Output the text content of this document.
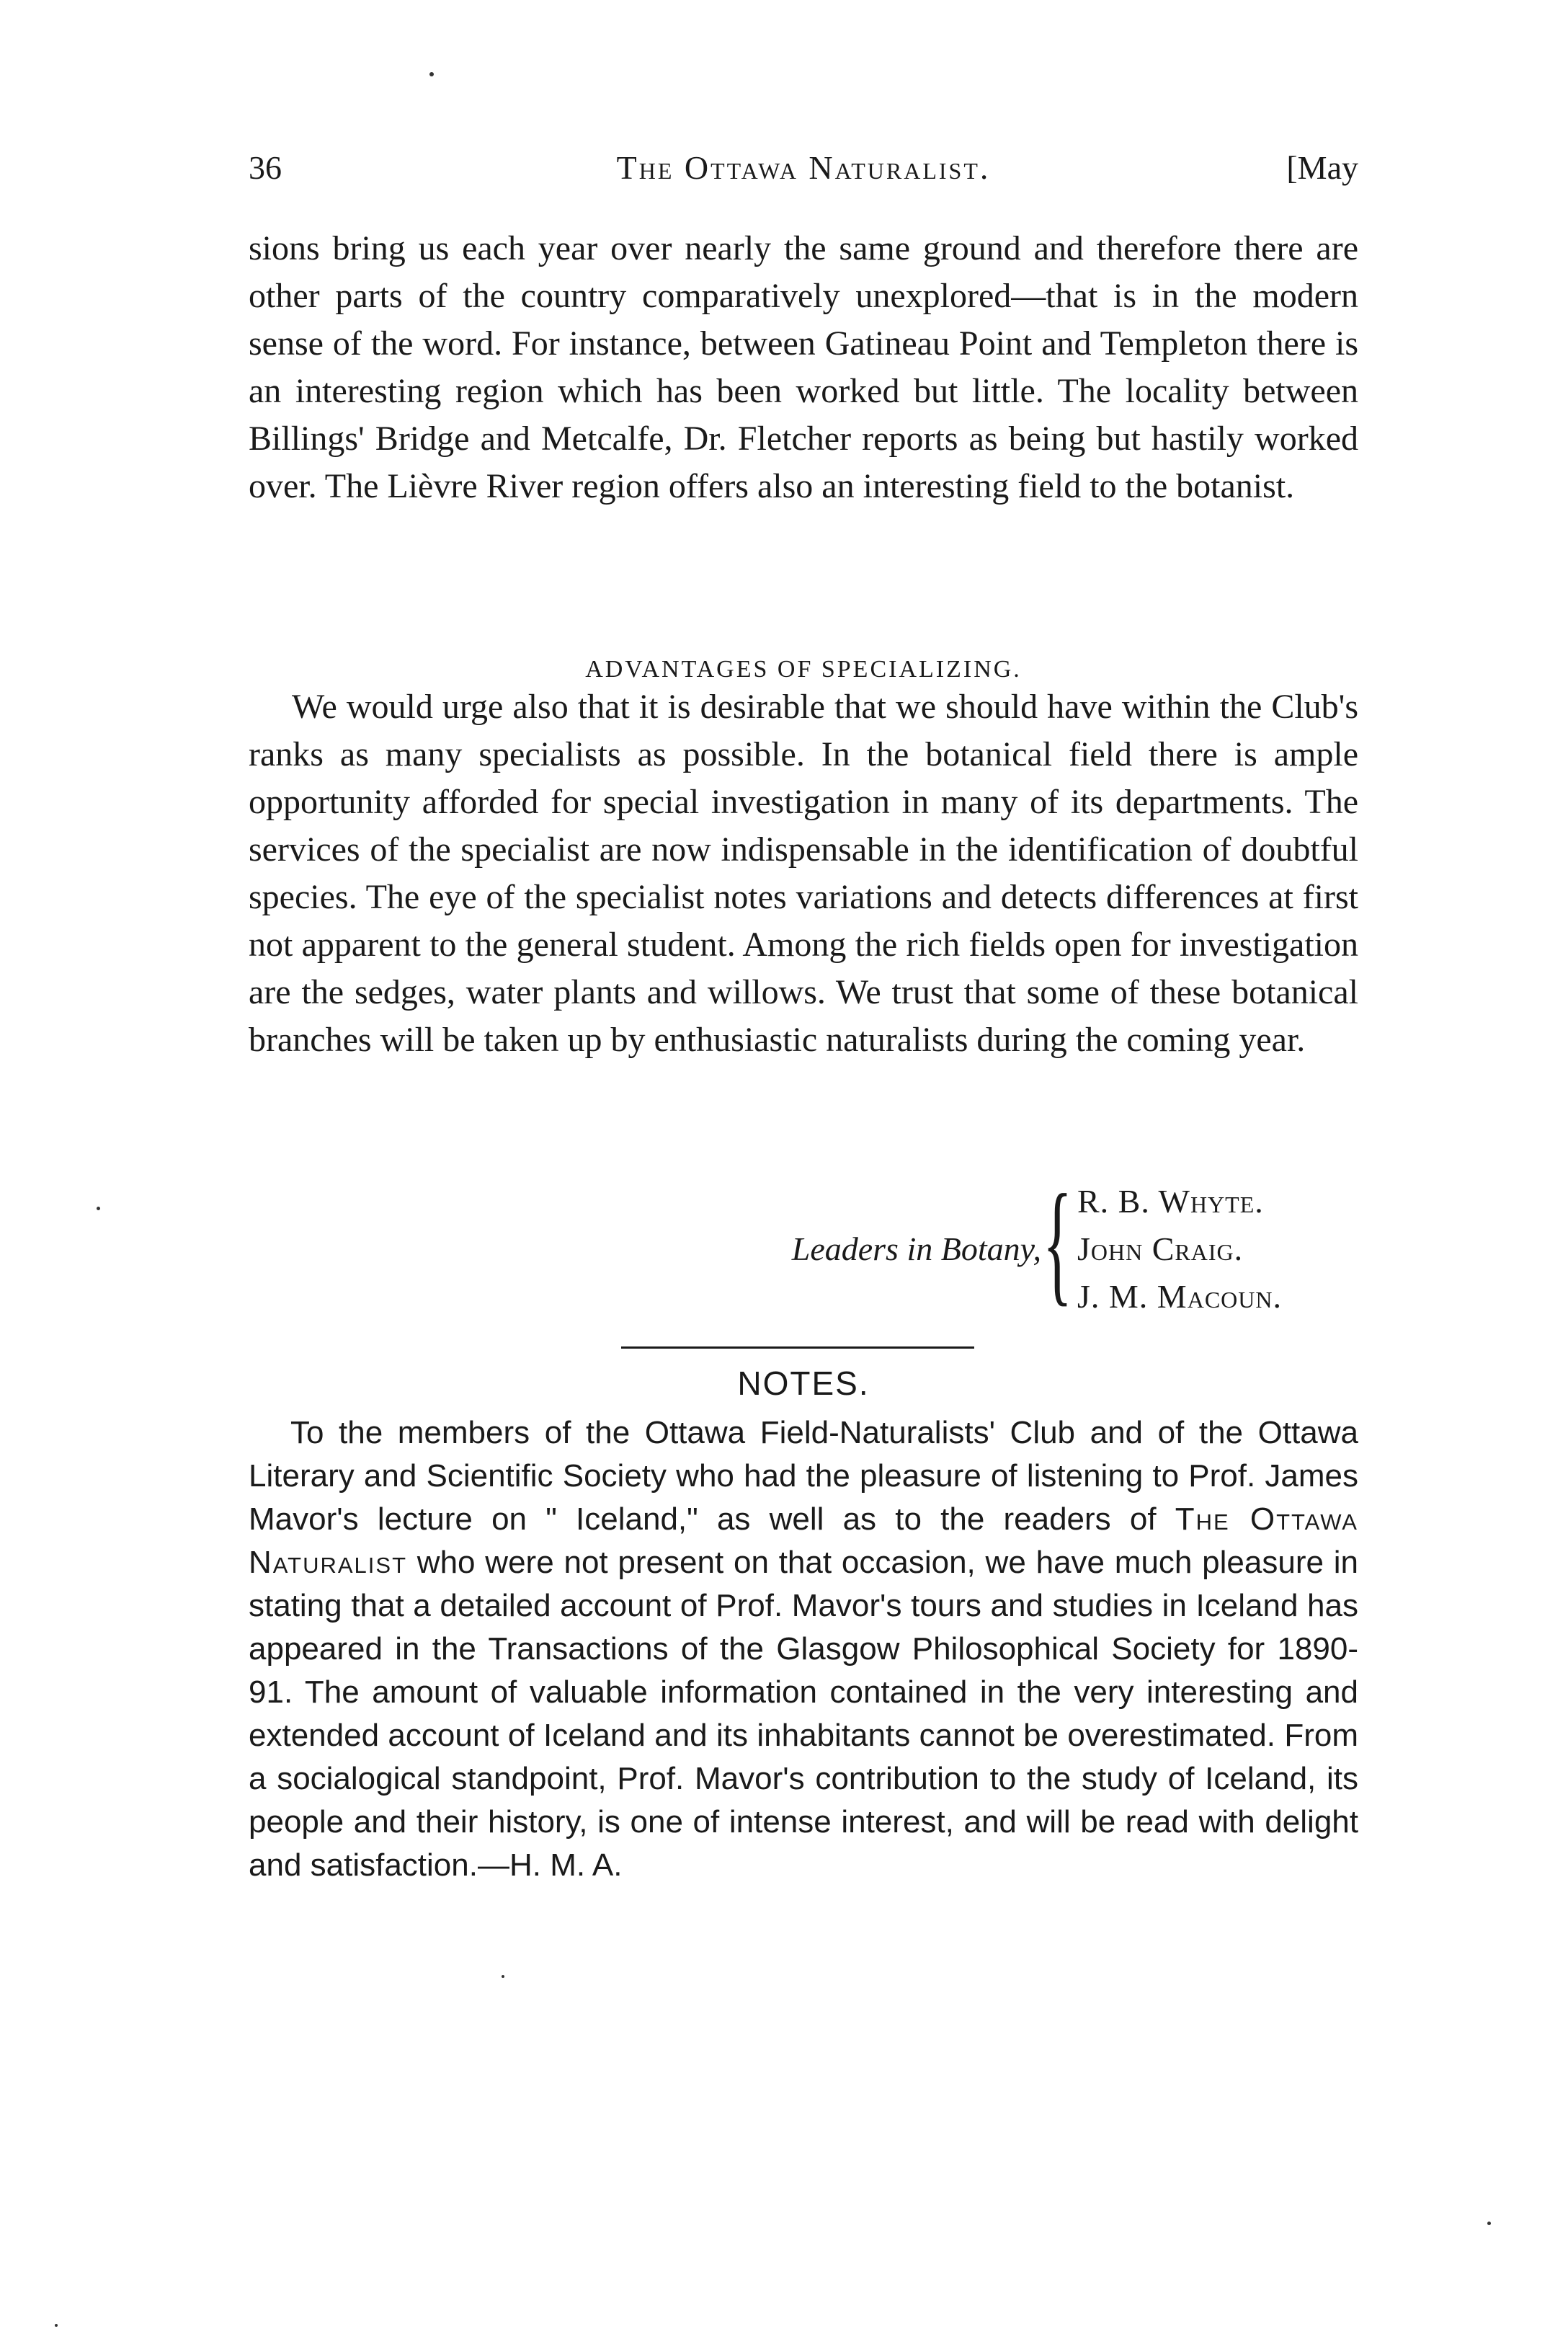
36	The Ottawa Naturalist.	[May

sions bring us each year over nearly the same ground and therefore there are other parts of the country comparatively unexplored—that is in the modern sense of the word. For instance, between Gatineau Point and Templeton there is an interesting region which has been worked but little. The locality between Billings' Bridge and Metcalfe, Dr. Fletcher reports as being but hastily worked over. The Lièvre River region offers also an interesting field to the botanist.

ADVANTAGES OF SPECIALIZING.

We would urge also that it is desirable that we should have within the Club's ranks as many specialists as possible. In the botanical field there is ample opportunity afforded for special investigation in many of its departments. The services of the specialist are now indispensable in the identification of doubtful species. The eye of the specialist notes variations and detects differences at first not apparent to the general student. Among the rich fields open for investigation are the sedges, water plants and willows. We trust that some of these botanical branches will be taken up by enthusiastic naturalists during the coming year.

Leaders in Botany, { R. B. Whyte.
John Craig.
J. M. Macoun.
NOTES.
To the members of the Ottawa Field-Naturalists' Club and of the Ottawa Literary and Scientific Society who had the pleasure of listening to Prof. James Mavor's lecture on " Iceland," as well as to the readers of The Ottawa Naturalist who were not present on that occasion, we have much pleasure in stating that a detailed account of Prof. Mavor's tours and studies in Iceland has appeared in the Transactions of the Glasgow Philosophical Society for 1890-91. The amount of valuable information contained in the very interesting and extended account of Iceland and its inhabitants cannot be overestimated. From a socialogical standpoint, Prof. Mavor's contribution to the study of Iceland, its people and their history, is one of intense interest, and will be read with delight and satisfaction.—H. M. A.
